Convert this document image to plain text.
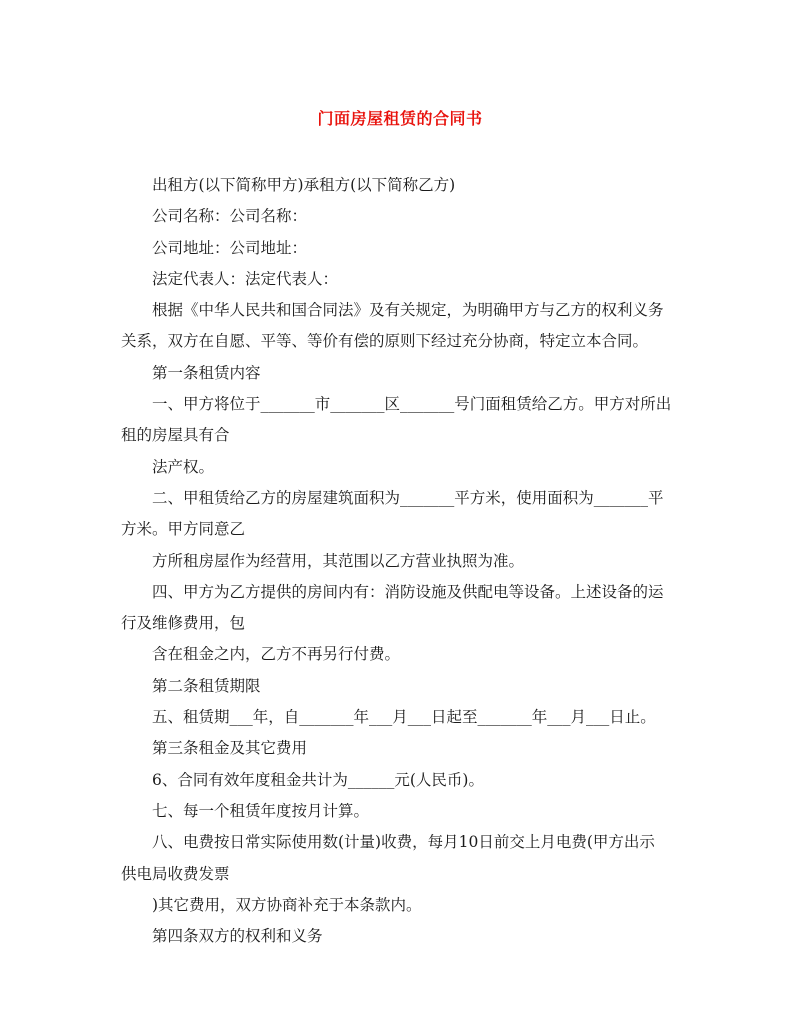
门面房屋租赁的合同书
出租方(以下简称甲方)承租方(以下简称乙方)
公司名称：公司名称：
公司地址：公司地址：
法定代表人：法定代表人：
根据《中华人民共和国合同法》及有关规定，为明确甲方与乙方的权利义务
关系，双方在自愿、平等、等价有偿的原则下经过充分协商，特定立本合同。
第一条租赁内容
一、甲方将位于_______市_______区_______号门面租赁给乙方。甲方对所出
租的房屋具有合
法产权。
二、甲租赁给乙方的房屋建筑面积为_______平方米，使用面积为_______平
方米。甲方同意乙
方所租房屋作为经营用，其范围以乙方营业执照为准。
四、甲方为乙方提供的房间内有：消防设施及供配电等设备。上述设备的运
行及维修费用，包
含在租金之内，乙方不再另行付费。
第二条租赁期限
五、租赁期___年，自_______年___月___日起至_______年___月___日止。
第三条租金及其它费用
6、合同有效年度租金共计为______元(人民币)。
七、每一个租赁年度按月计算。
八、电费按日常实际使用数(计量)收费，每月10日前交上月电费(甲方出示
供电局收费发票
)其它费用，双方协商补充于本条款内。
第四条双方的权利和义务
